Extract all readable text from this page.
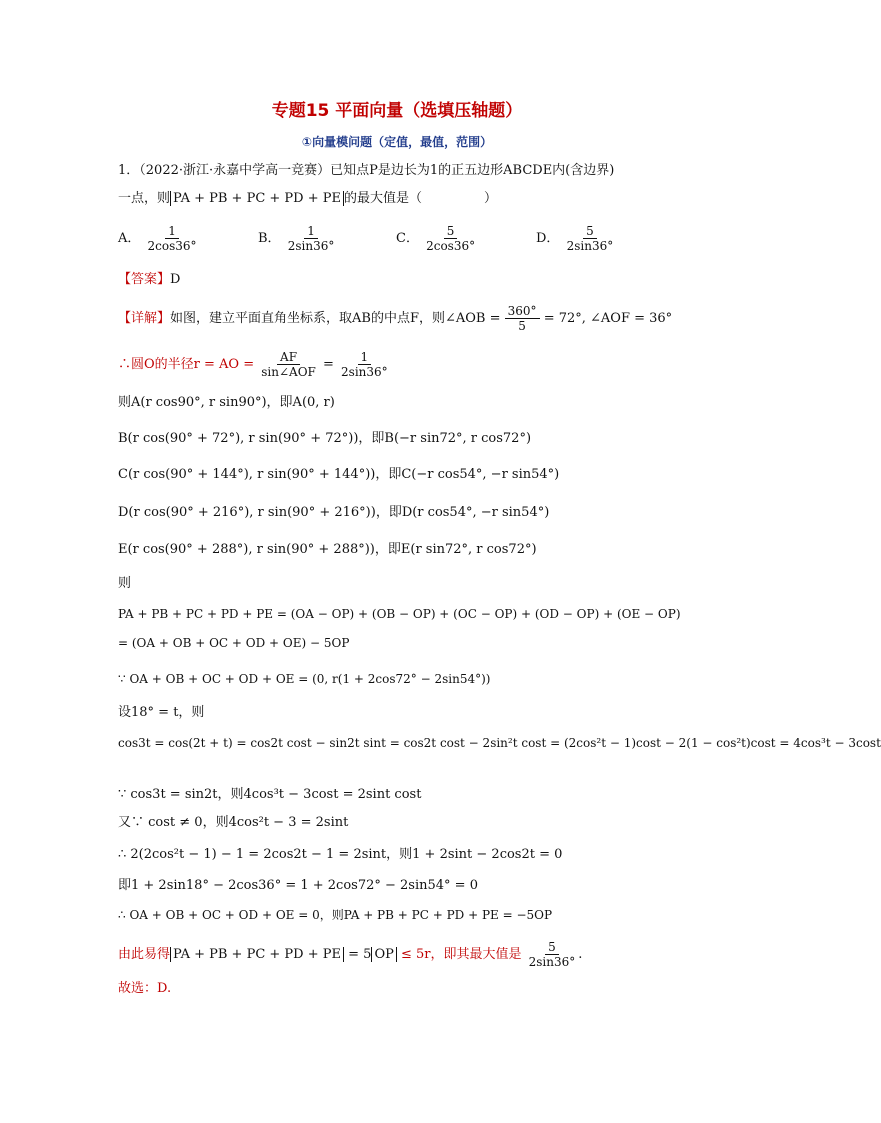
专题15 平面向量（选填压轴题）
①向量模问题（定值，最值，范围）
1．（2022·浙江·永嘉中学高一竞赛）已知点P是边长为1的正五边形ABCDE内(含边界)
一点，则 PA + PB + PC + PD + PE 的最大值是（	）
A． $\frac{1}{2\cos 36^\circ}$	B． $\frac{1}{2\sin 36^\circ}$	C． $\frac{5}{2\cos 36^\circ}$	D． $\frac{5}{2\sin 36^\circ}$
【答案】D
【详解】如图，建立平面直角坐标系，取AB的中点F，则∠AOB = $\frac{360^\circ}{5} = 72^\circ$, ∠AOF = 36°
∴圆O的半径r = AO = $\frac{AF}{\text{sin∠AOF}} = \frac{1}{2\sin 36^\circ}$
则A(r cos90°, r sin90°)，即A(0, r)
B(r cos(90° + 72°), r sin(90° + 72°))，即B(−r sin72°, r cos72°)
C(r cos(90° + 144°), r sin(90° + 144°))，即C(−r cos54°, −r sin54°)
D(r cos(90° + 216°), r sin(90° + 216°))，即D(r cos54°, −r sin54°)
E(r cos(90° + 288°), r sin(90° + 288°))，即E(r sin72°, r cos72°)
则
PA + PB + PC + PD + PE = (OA − OP) + (OB − OP) + (OC − OP) + (OD − OP) + (OE − OP)
= (OA + OB + OC + OD + OE) − 5OP
∵ OA + OB + OC + OD + OE = (0, r(1 + 2cos72° − 2sin54°))
设18° = t，则
cos3t = cos(2t + t) = cos2t cost − sin2t sint = cos2t cost − 2sin²t cost = (2cos²t − 1)cost − 2(1 − cos²t)cost = 4cos³t − 3cost
∵ cos3t = sin2t，则4cos³t − 3cost = 2sint cost
又∵ cost ≠ 0，则4cos²t − 3 = 2sint
∴ 2(2cos²t − 1) − 1 = 2cos2t − 1 = 2sint，则1 + 2sint − 2cos2t = 0
即1 + 2sin18° − 2cos36° = 1 + 2cos72° − 2sin54° = 0
∴ OA + OB + OC + OD + OE = 0，则PA + PB + PC + PD + PE = −5OP
由此易得 PA + PB + PC + PD + PE = 5 OP ≤ 5r，即其最大值是 $\frac{5}{2\sin 36^\circ}$ .
故选：D.
